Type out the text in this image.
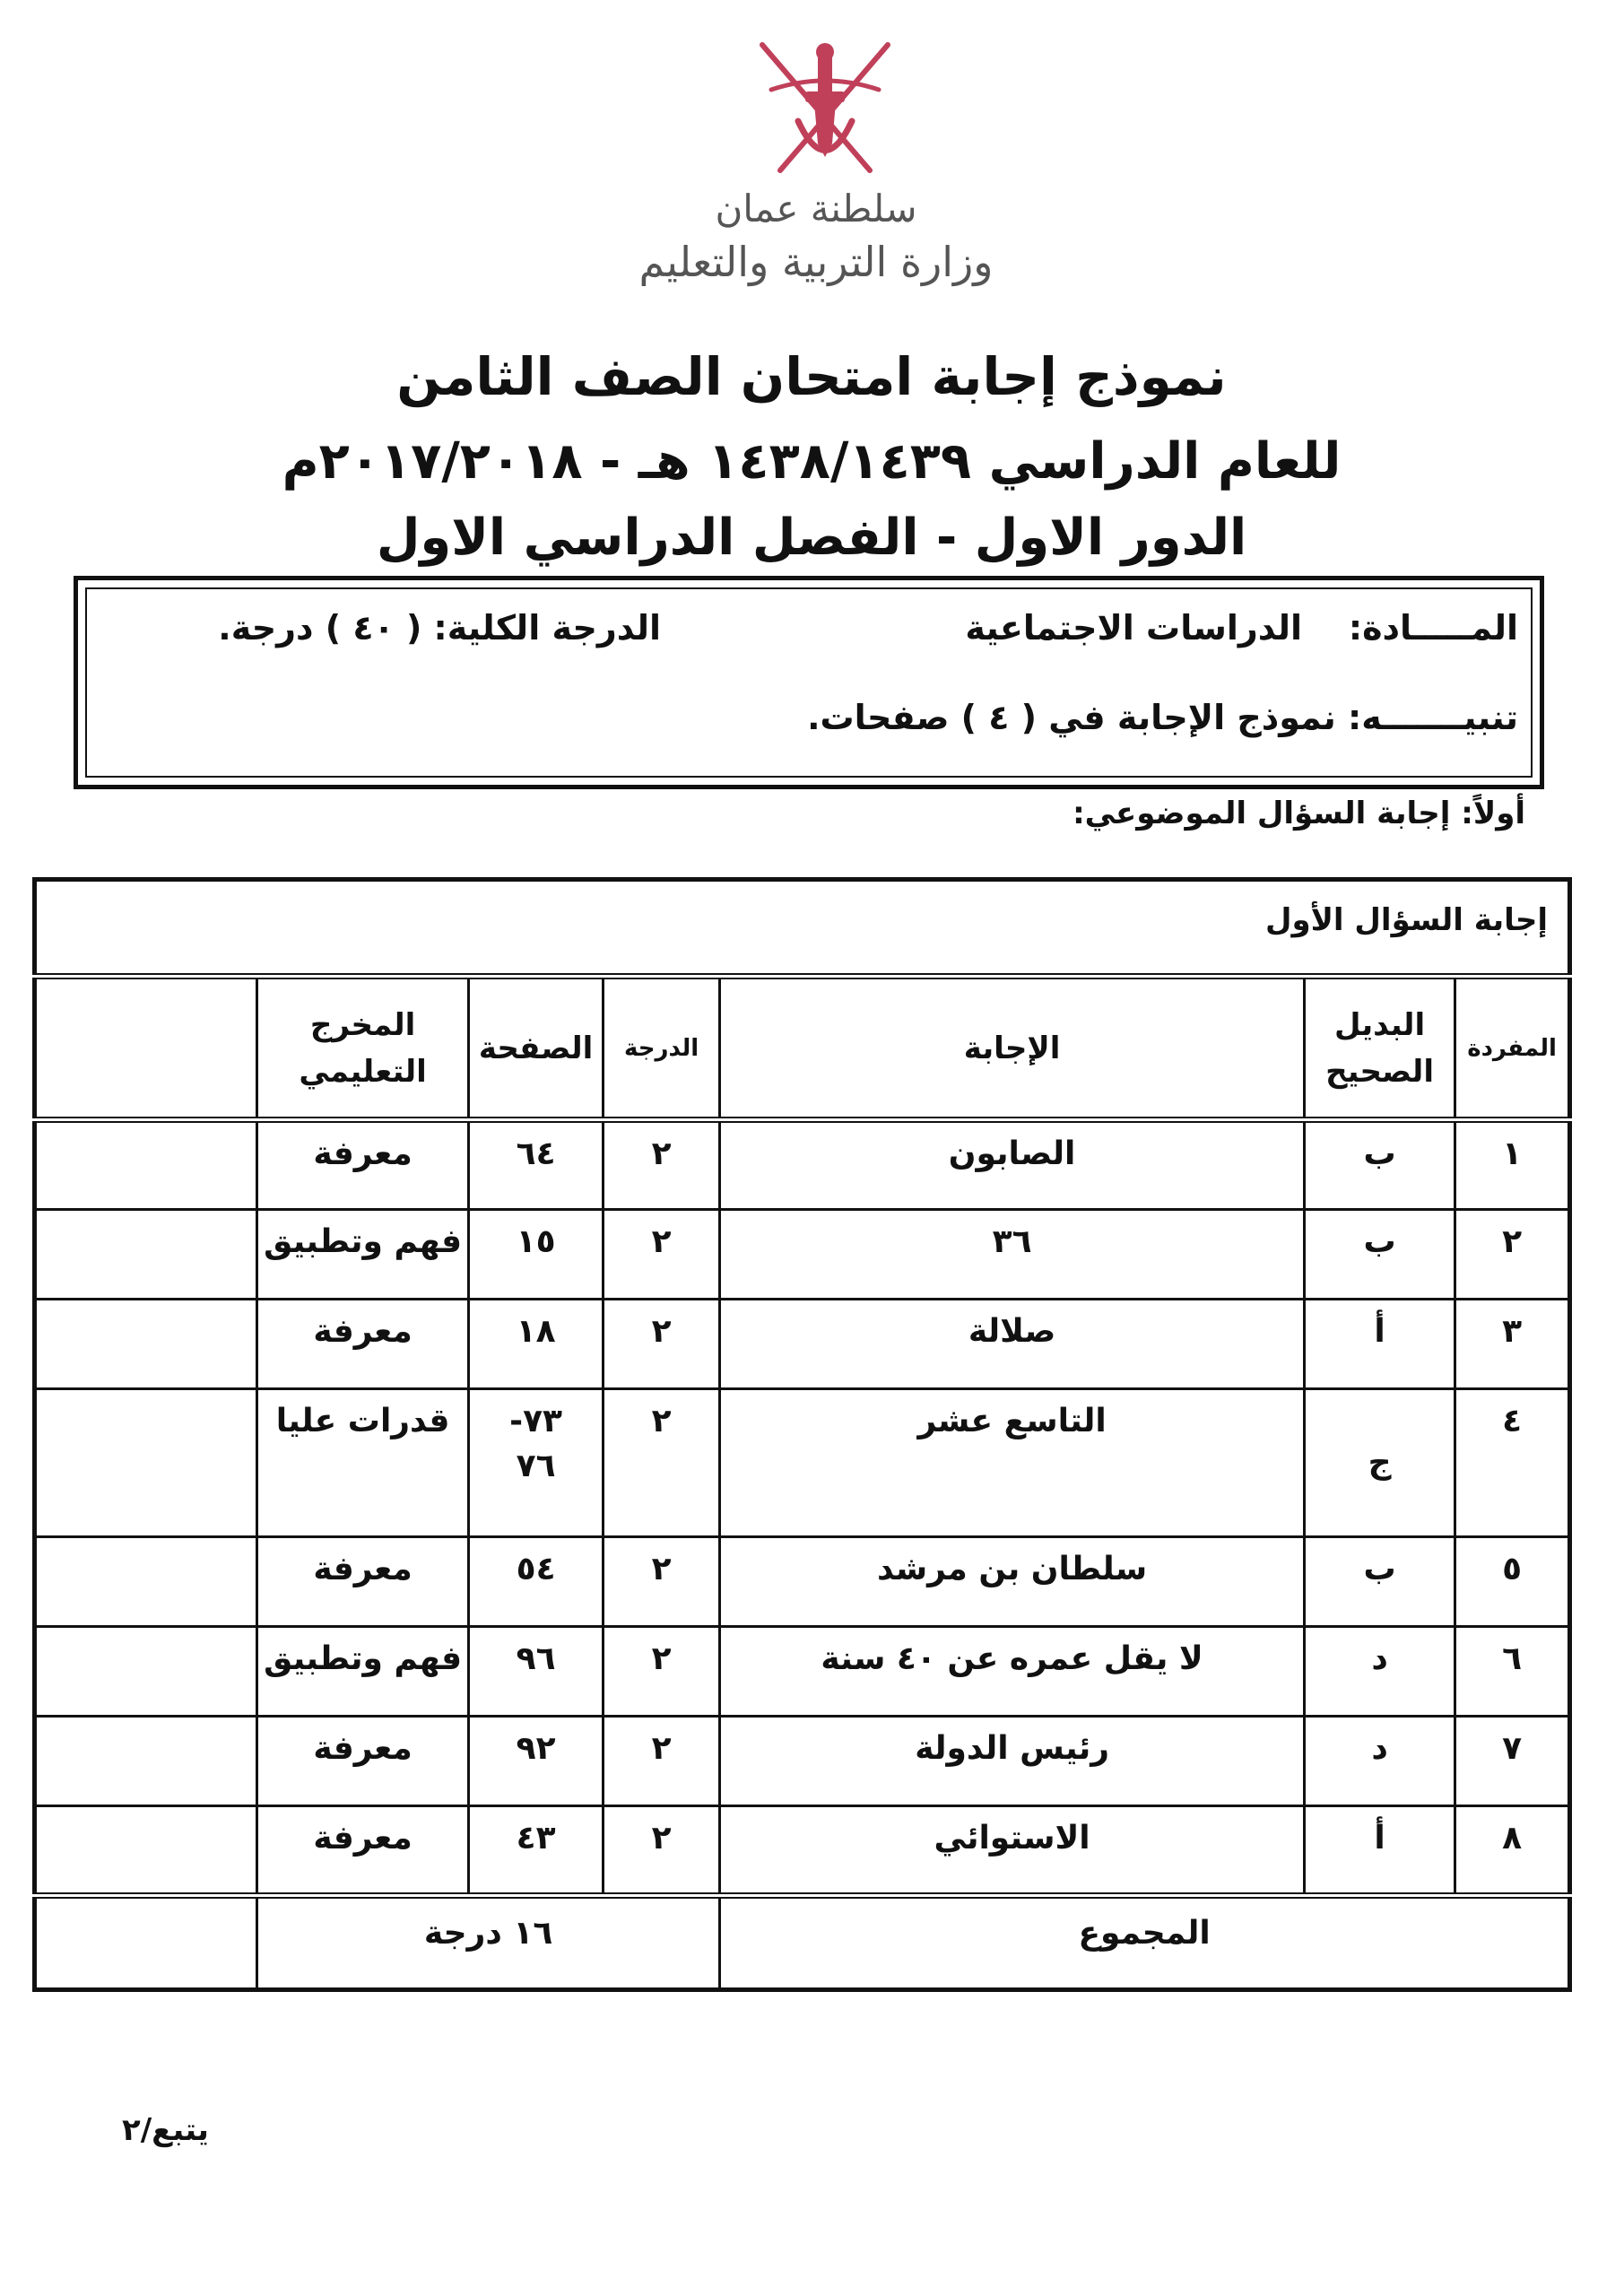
سلطنة عمان
وزارة التربية والتعليم
نموذج إجابة امتحان الصف الثامن
للعام الدراسي ١٤٣٨/١٤٣٩ هـ - ٢٠١٧/٢٠١٨م
الدور الاول - الفصل الدراسي الاول
المـــــادة:
الدراسات الاجتماعية
الدرجة الكلية: ( ٤٠ ) درجة.
تنبيـــــــه: نموذج الإجابة في ( ٤ ) صفحات.
أولاً: إجابة السؤال الموضوعي:
إجابة السؤال الأول						
المفردة	البديل الصحيح	الإجابة	الدرجة	الصفحة	المخرج التعليمي	
١	ب	الصابون	٢	٦٤	معرفة	
٢	ب	٣٦	٢	١٥	فهم وتطبيق	
٣	أ	صلالة	٢	١٨	معرفة	
٤	ج	التاسع عشر	٢	٧٣- ٧٦	قدرات عليا	
٥	ب	سلطان بن مرشد	٢	٥٤	معرفة	
٦	د	لا يقل عمره عن ٤٠ سنة	٢	٩٦	فهم وتطبيق	
٧	د	رئيس الدولة	٢	٩٢	معرفة	
٨	أ	الاستوائي	٢	٤٣	معرفة	
المجموع			١٦ درجة			
يتبع/٢
